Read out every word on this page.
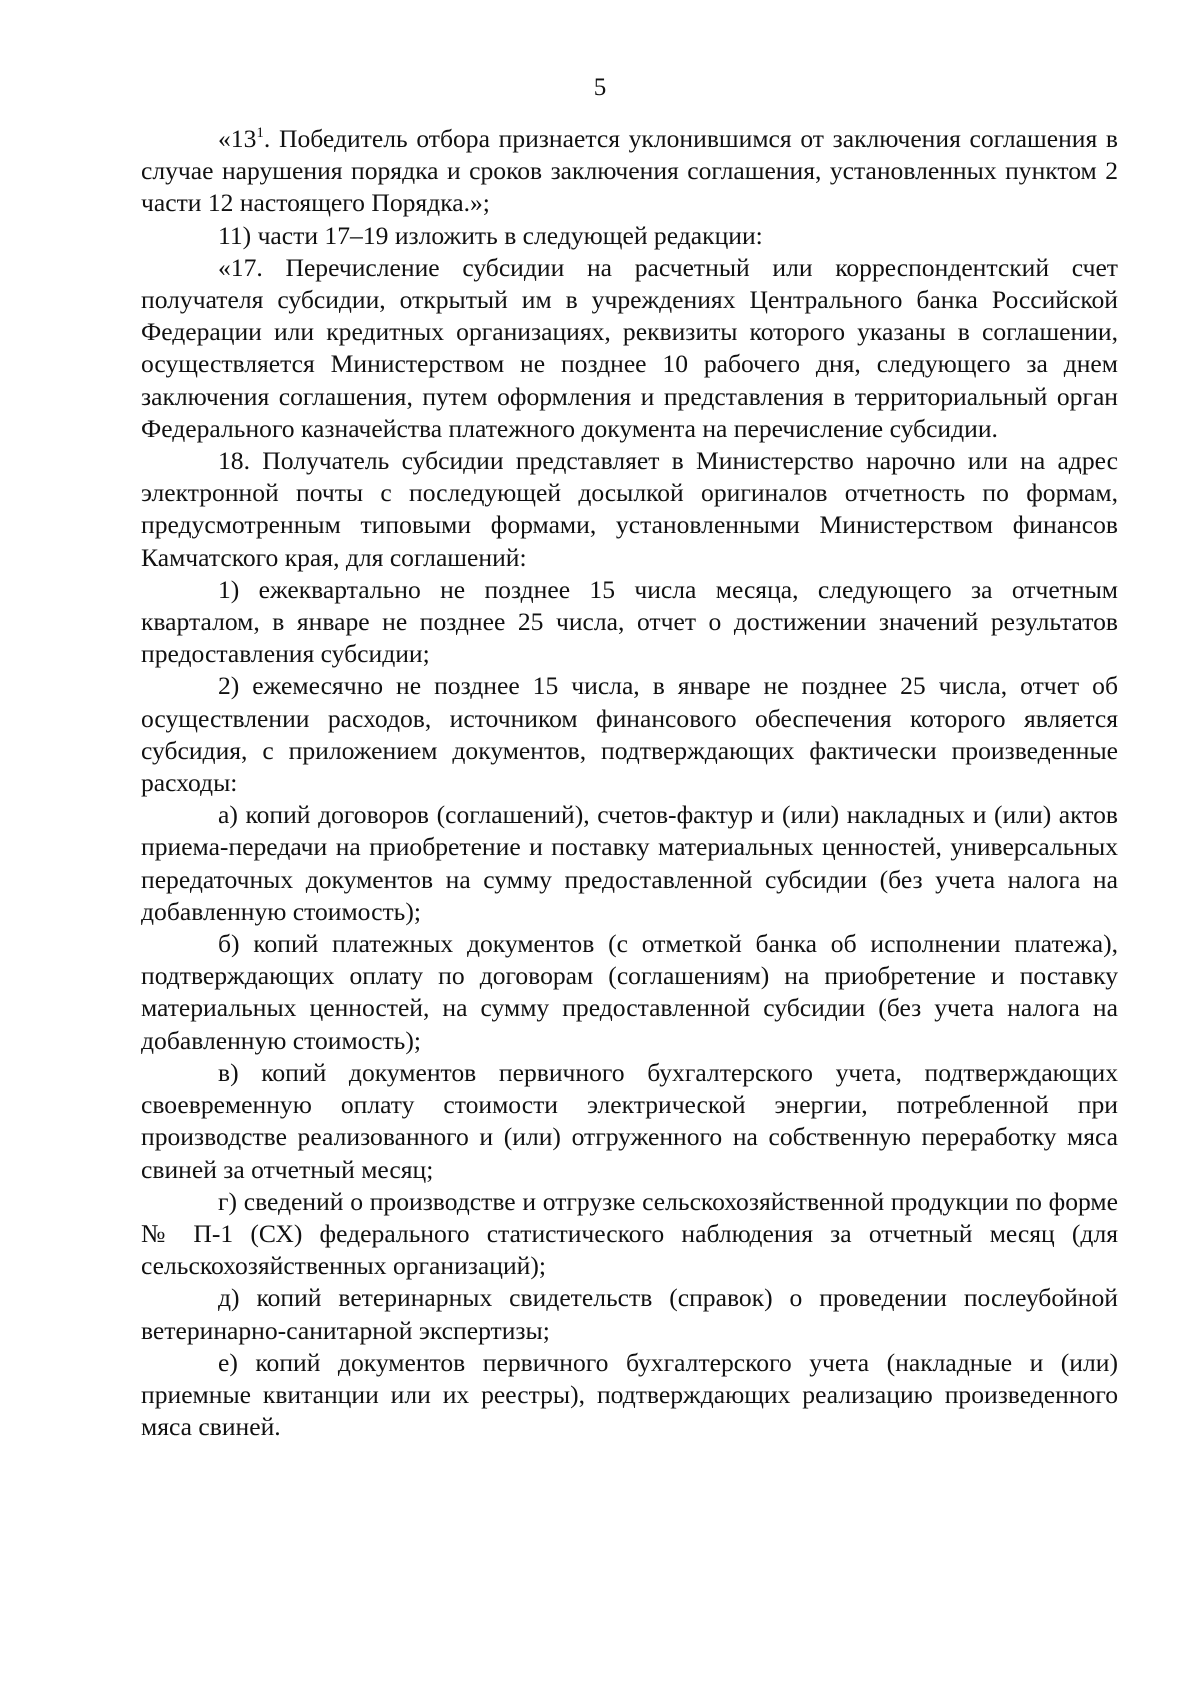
5

«$13^1$. Победитель отбора признается уклонившимся от заключения соглашения в случае нарушения порядка и сроков заключения соглашения, установленных пунктом 2 части 12 настоящего Порядка.»;

11) части 17–19 изложить в следующей редакции:

«17. Перечисление субсидии на расчетный или корреспондентский счет получателя субсидии, открытый им в учреждениях Центрального банка Российской Федерации или кредитных организациях, реквизиты которого указаны в соглашении, осуществляется Министерством не позднее 10 рабочего дня, следующего за днем заключения соглашения, путем оформления и представления в территориальный орган Федерального казначейства платежного документа на перечисление субсидии.

18. Получатель субсидии представляет в Министерство нарочно или на адрес электронной почты с последующей досылкой оригиналов отчетность по формам, предусмотренным типовыми формами, установленными Министерством финансов Камчатского края, для соглашений:

1) ежеквартально не позднее 15 числа месяца, следующего за отчетным кварталом, в январе не позднее 25 числа, отчет о достижении значений результатов предоставления субсидии;

2) ежемесячно не позднее 15 числа, в январе не позднее 25 числа, отчет об осуществлении расходов, источником финансового обеспечения которого является субсидия, с приложением документов, подтверждающих фактически произведенные расходы:

а) копий договоров (соглашений), счетов-фактур и (или) накладных и (или) актов приема-передачи на приобретение и поставку материальных ценностей, универсальных передаточных документов на сумму предоставленной субсидии (без учета налога на добавленную стоимость);

б) копий платежных документов (с отметкой банка об исполнении платежа), подтверждающих оплату по договорам (соглашениям) на приобретение и поставку материальных ценностей, на сумму предоставленной субсидии (без учета налога на добавленную стоимость);

в) копий документов первичного бухгалтерского учета, подтверждающих своевременную оплату стоимости электрической энергии, потребленной при производстве реализованного и (или) отгруженного на собственную переработку мяса свиней за отчетный месяц;

г) сведений о производстве и отгрузке сельскохозяйственной продукции по форме № П-1 (СХ) федерального статистического наблюдения за отчетный месяц (для сельскохозяйственных организаций);

д) копий ветеринарных свидетельств (справок) о проведении послеубойной ветеринарно-санитарной экспертизы;

е) копий документов первичного бухгалтерского учета (накладные и (или) приемные квитанции или их реестры), подтверждающих реализацию произведенного мяса свиней.
